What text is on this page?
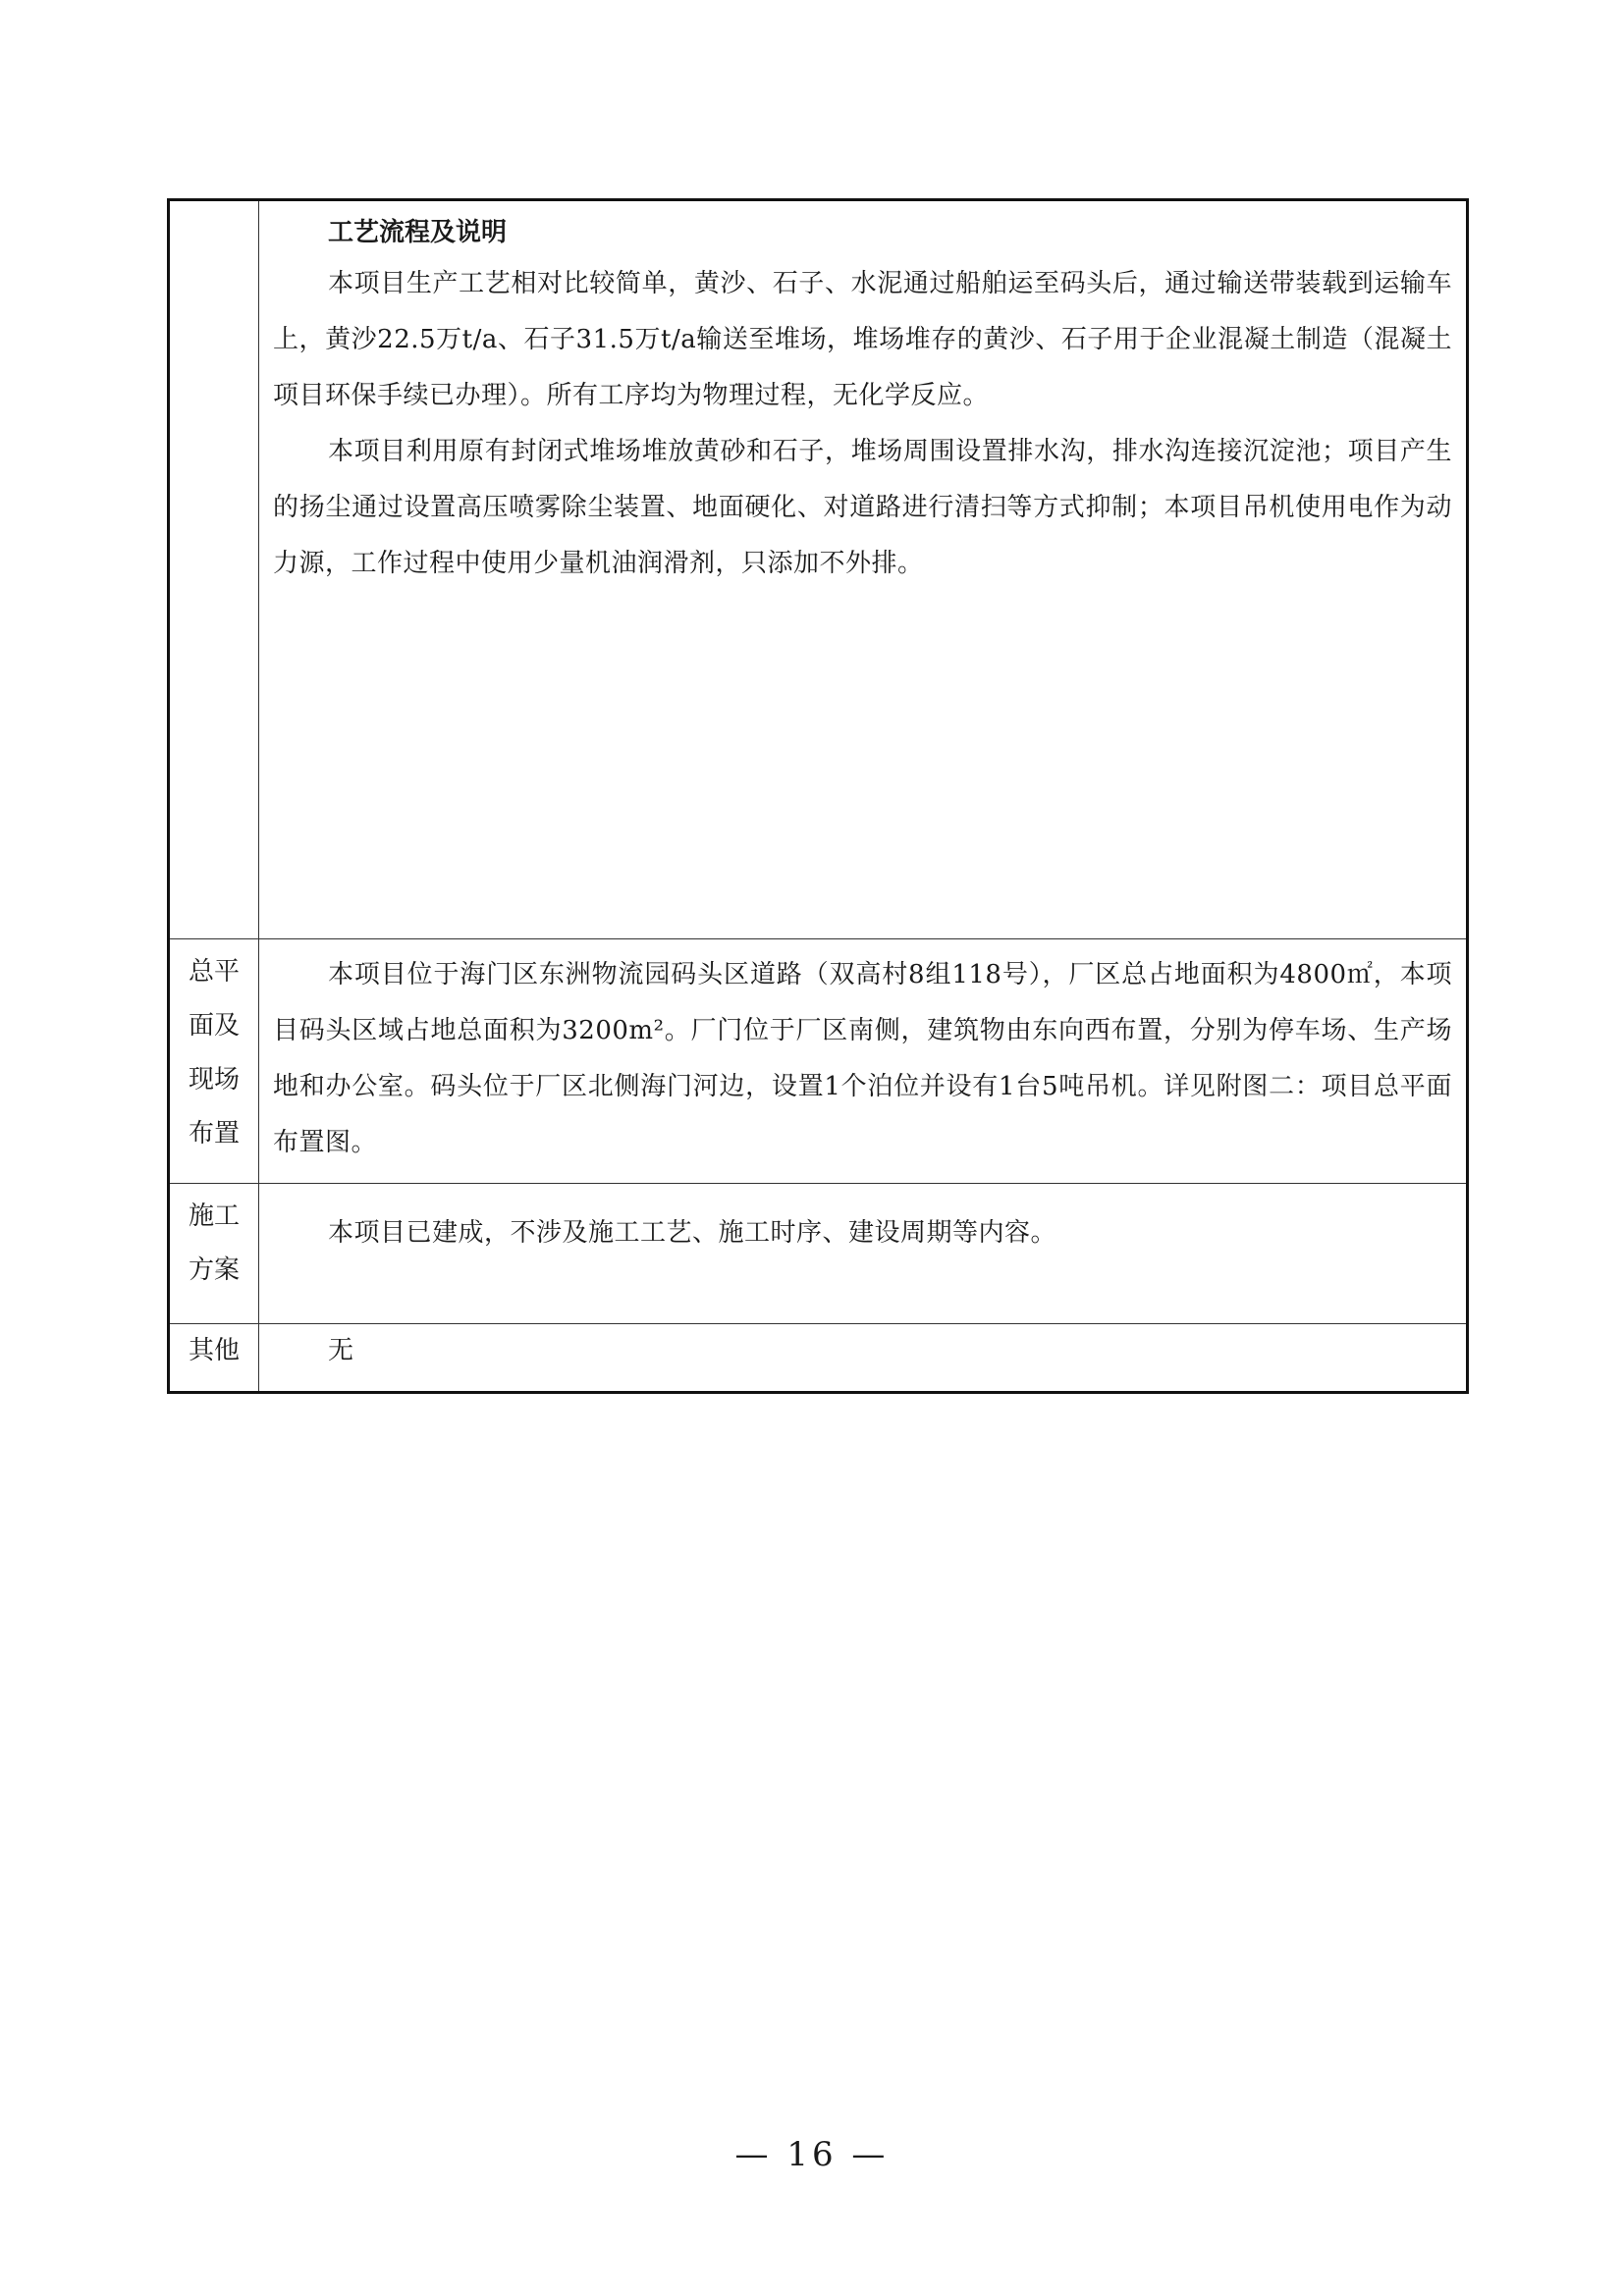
	工艺流程及说明

本项目生产工艺相对比较简单，黄沙、石子、水泥通过船舶运至码头后，通过输送带装载到运输车上，黄沙22.5万t/a、石子31.5万t/a输送至堆场，堆场堆存的黄沙、石子用于企业混凝土制造（混凝土项目环保手续已办理）。所有工序均为物理过程，无化学反应。

本项目利用原有封闭式堆场堆放黄砂和石子，堆场周围设置排水沟，排水沟连接沉淀池；项目产生的扬尘通过设置高压喷雾除尘装置、地面硬化、对道路进行清扫等方式抑制；本项目吊机使用电作为动力源，工作过程中使用少量机油润滑剂，只添加不外排。

总平
面及
现场
布置	本项目位于海门区东洲物流园码头区道路（双高村8组118号），厂区总占地面积为4800㎡，本项目码头区域占地总面积为3200m²。厂门位于厂区南侧，建筑物由东向西布置，分别为停车场、生产场地和办公室。码头位于厂区北侧海门河边，设置1个泊位并设有1台5吨吊机。详见附图二：项目总平面布置图。

施工
方案	本项目已建成，不涉及施工工艺、施工时序、建设周期等内容。

其他	无

— 16 —
